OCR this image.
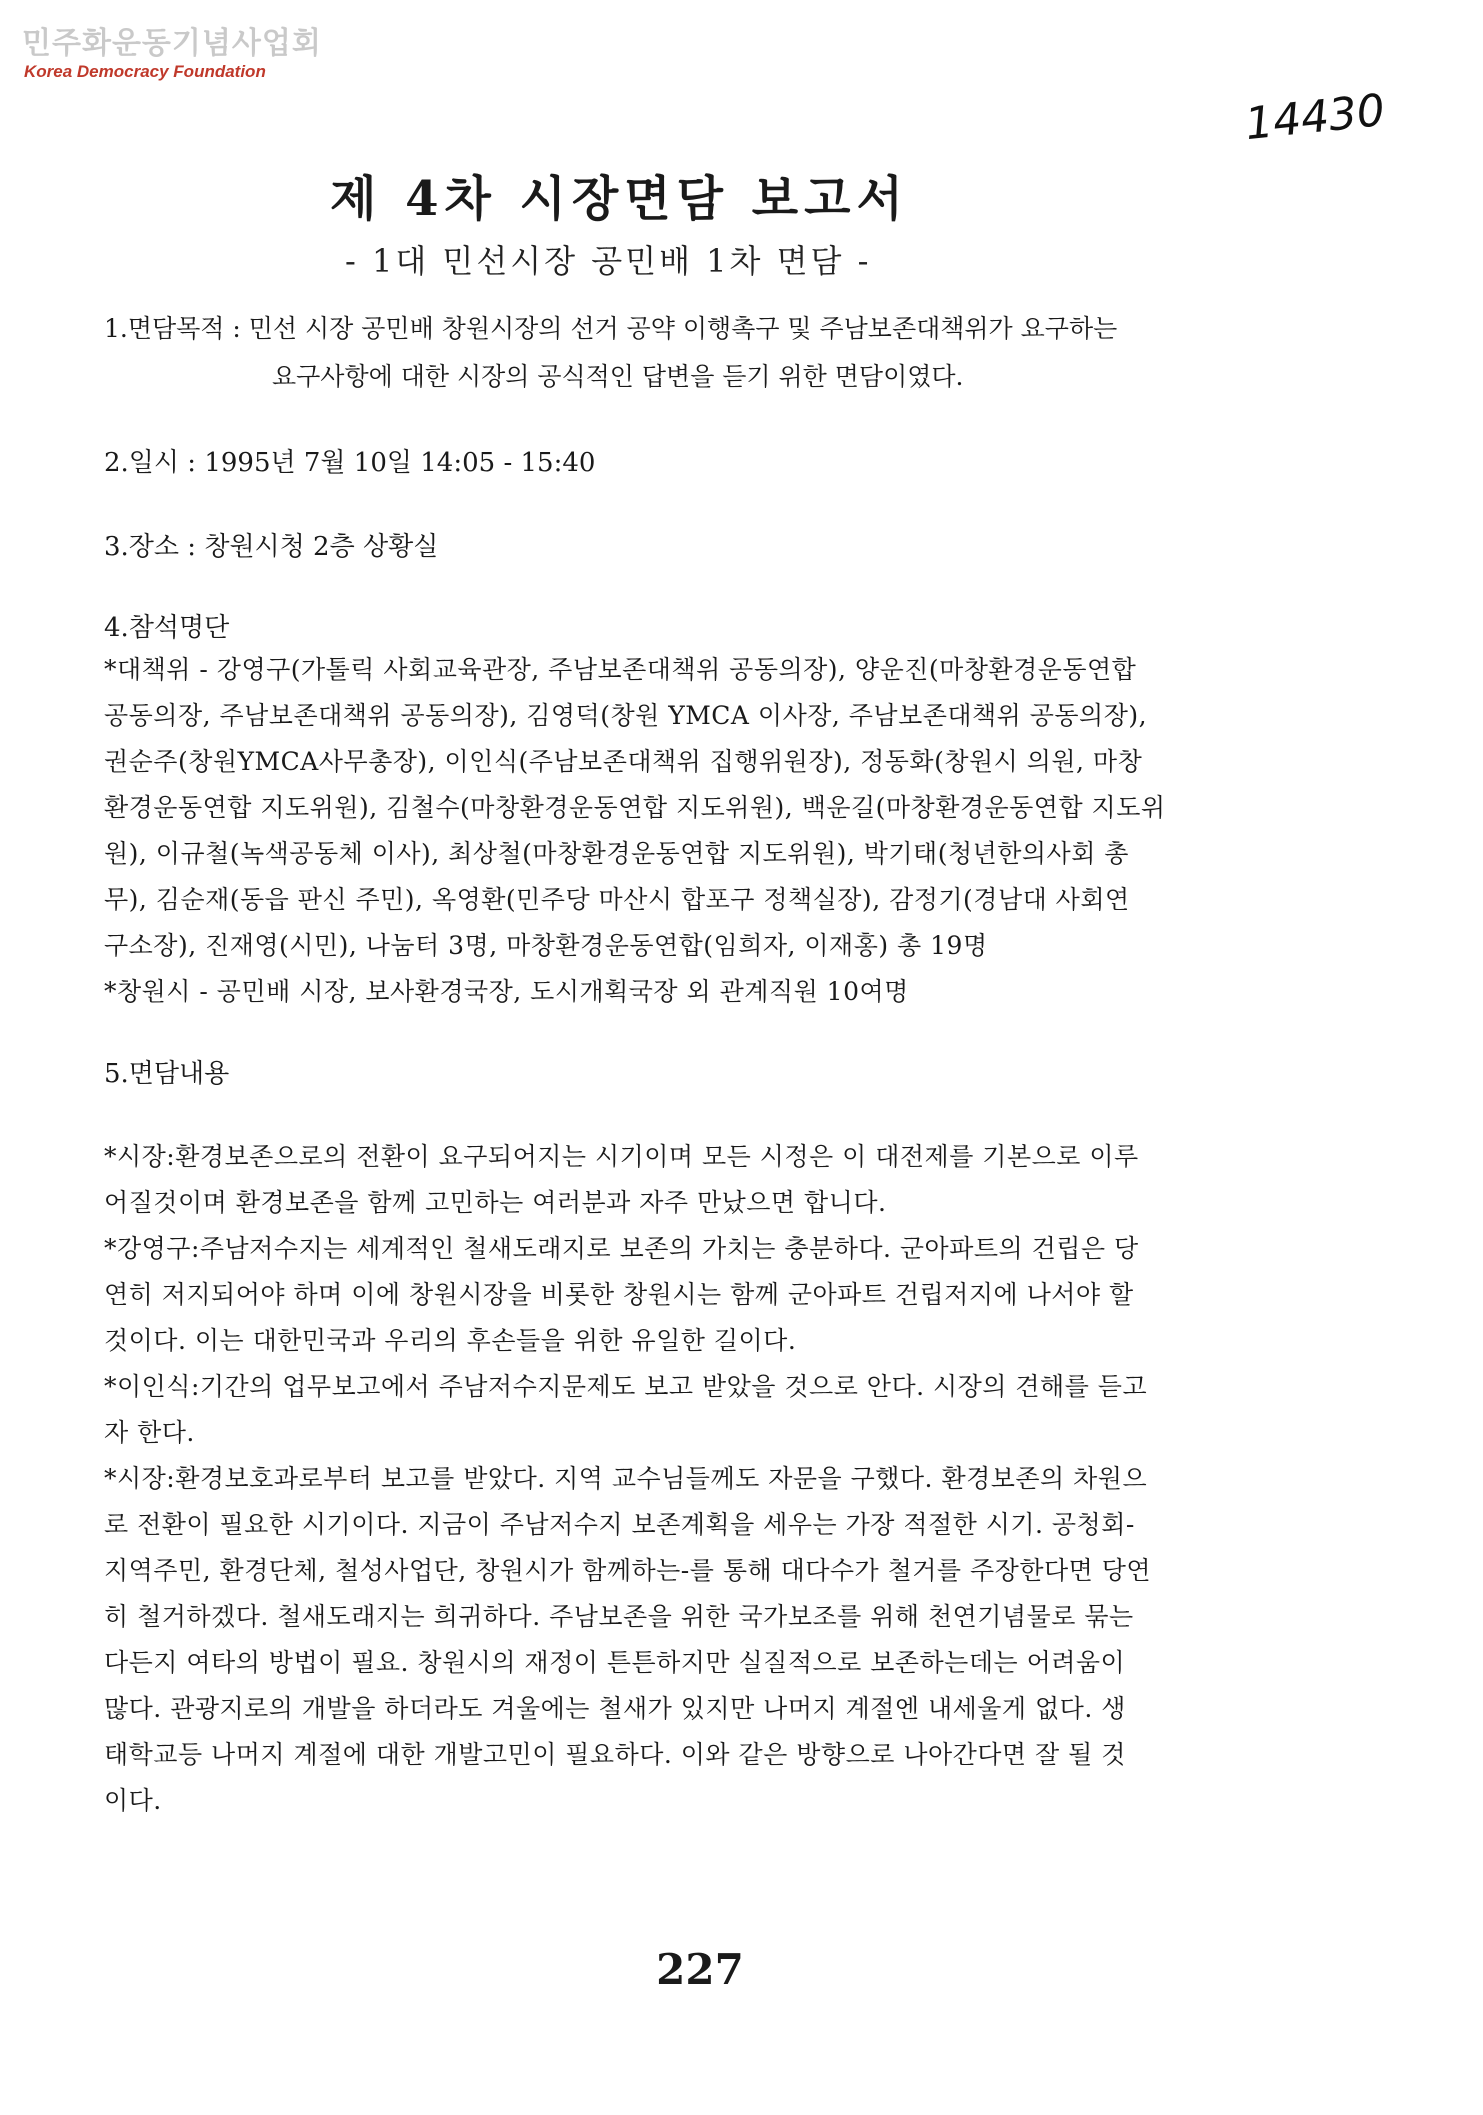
민주화운동기념사업회
Korea Democracy Foundation
14430
제 4차 시장면담 보고서
- 1대 민선시장 공민배 1차 면담 -
1.면담목적 : 민선 시장 공민배 창원시장의 선거 공약 이행촉구 및 주남보존대책위가 요구하는
요구사항에 대한 시장의 공식적인 답변을 듣기 위한 면담이였다.
2.일시 : 1995년 7월 10일 14:05 - 15:40
3.장소 : 창원시청 2층 상황실
4.참석명단
*대책위 - 강영구(가톨릭 사회교육관장, 주남보존대책위 공동의장), 양운진(마창환경운동연합
공동의장, 주남보존대책위 공동의장), 김영덕(창원 YMCA 이사장, 주남보존대책위 공동의장),
권순주(창원YMCA사무총장), 이인식(주남보존대책위 집행위원장), 정동화(창원시 의원, 마창
환경운동연합 지도위원), 김철수(마창환경운동연합 지도위원), 백운길(마창환경운동연합 지도위
원), 이규철(녹색공동체 이사), 최상철(마창환경운동연합 지도위원), 박기태(청년한의사회 총
무), 김순재(동읍 판신 주민), 옥영환(민주당 마산시 합포구 정책실장), 감정기(경남대 사회연
구소장), 진재영(시민), 나눔터 3명, 마창환경운동연합(임희자, 이재홍) 총 19명
*창원시 - 공민배 시장, 보사환경국장, 도시개획국장 외 관계직원 10여명
5.면담내용
*시장:환경보존으로의 전환이 요구되어지는 시기이며 모든 시정은 이 대전제를 기본으로 이루
어질것이며 환경보존을 함께 고민하는 여러분과 자주 만났으면 합니다.
*강영구:주남저수지는 세계적인 철새도래지로 보존의 가치는 충분하다. 군아파트의 건립은 당
연히 저지되어야 하며 이에 창원시장을 비롯한 창원시는 함께 군아파트 건립저지에 나서야 할
것이다. 이는 대한민국과 우리의 후손들을 위한 유일한 길이다.
*이인식:기간의 업무보고에서 주남저수지문제도 보고 받았을 것으로 안다. 시장의 견해를 듣고
자 한다.
*시장:환경보호과로부터 보고를 받았다. 지역 교수님들께도 자문을 구했다. 환경보존의 차원으
로 전환이 필요한 시기이다. 지금이 주남저수지 보존계획을 세우는 가장 적절한 시기. 공청회-
지역주민, 환경단체, 철성사업단, 창원시가 함께하는-를 통해 대다수가 철거를 주장한다면 당연
히 철거하겠다. 철새도래지는 희귀하다. 주남보존을 위한 국가보조를 위해 천연기념물로 묶는
다든지 여타의 방법이 필요. 창원시의 재정이 튼튼하지만 실질적으로 보존하는데는 어려움이
많다. 관광지로의 개발을 하더라도 겨울에는 철새가 있지만 나머지 계절엔 내세울게 없다. 생
태학교등 나머지 계절에 대한 개발고민이 필요하다. 이와 같은 방향으로 나아간다면 잘 될 것
이다.
227
